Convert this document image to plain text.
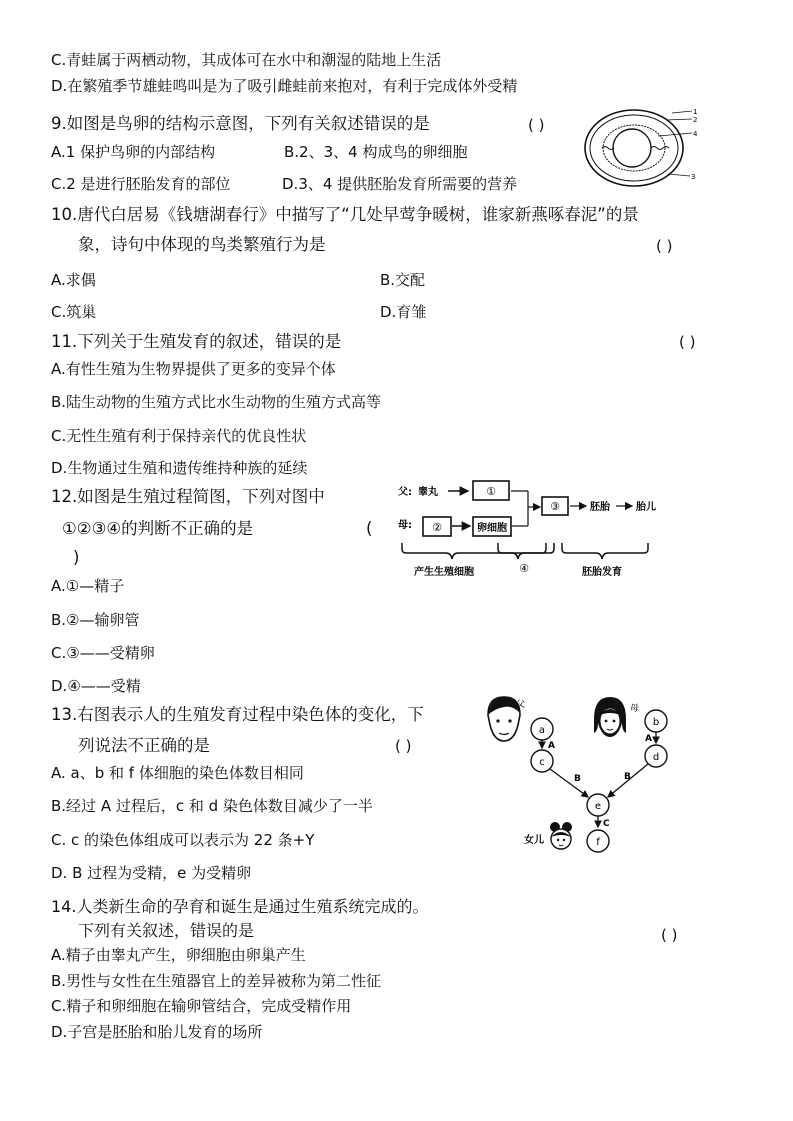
C.青蛙属于两栖动物，其成体可在水中和潮湿的陆地上生活
D.在繁殖季节雄蛙鸣叫是为了吸引雌蛙前来抱对，有利于完成体外受精
9.如图是鸟卵的结构示意图，下列有关叙述错误的是	( )
A.1 保护鸟卵的内部结构	B.2、3、4 构成鸟的卵细胞
C.2 是进行胚胎发育的部位	D.3、4 提供胚胎发育所需要的营养
1
2
3
4
10.唐代白居易《钱塘湖春行》中描写了“几处早莺争暖树，谁家新燕啄春泥”的景
象，诗句中体现的鸟类繁殖行为是	( )
A.求偶	B.交配
C.筑巢	D.育雏
11.下列关于生殖发育的叙述，错误的是	( )
A.有性生殖为生物界提供了更多的变异个体
B.陆生动物的生殖方式比水生动物的生殖方式高等
C.无性生殖有利于保持亲代的优良性状
D.生物通过生殖和遗传维持种族的延续
12.如图是生殖过程简图，下列对图中
①②③④的判断不正确的是	(
)
A.①—精子
B.②—输卵管
C.③——受精卵
D.④——受精
父: 睾丸	①
母: ②	卵细胞
③	胚胎	胎儿
产生生殖细胞	④	胚胎发育
13.右图表示人的生殖发育过程中染色体的变化，下
列说法不正确的是	( )
A. a、b 和 f 体细胞的染色体数目相同
B.经过 A 过程后，c 和 d 染色体数目减少了一半
C. c 的染色体组成可以表示为 22 条+Y
D. B 过程为受精，e 为受精卵
父	母
a
b
c	d
e
f
A
A
B	B
C
女儿
14.人类新生命的孕育和诞生是通过生殖系统完成的。
下列有关叙述，错误的是	( )
A.精子由睾丸产生，卵细胞由卵巢产生
B.男性与女性在生殖器官上的差异被称为第二性征
C.精子和卵细胞在输卵管结合，完成受精作用
D.子宫是胚胎和胎儿发育的场所
